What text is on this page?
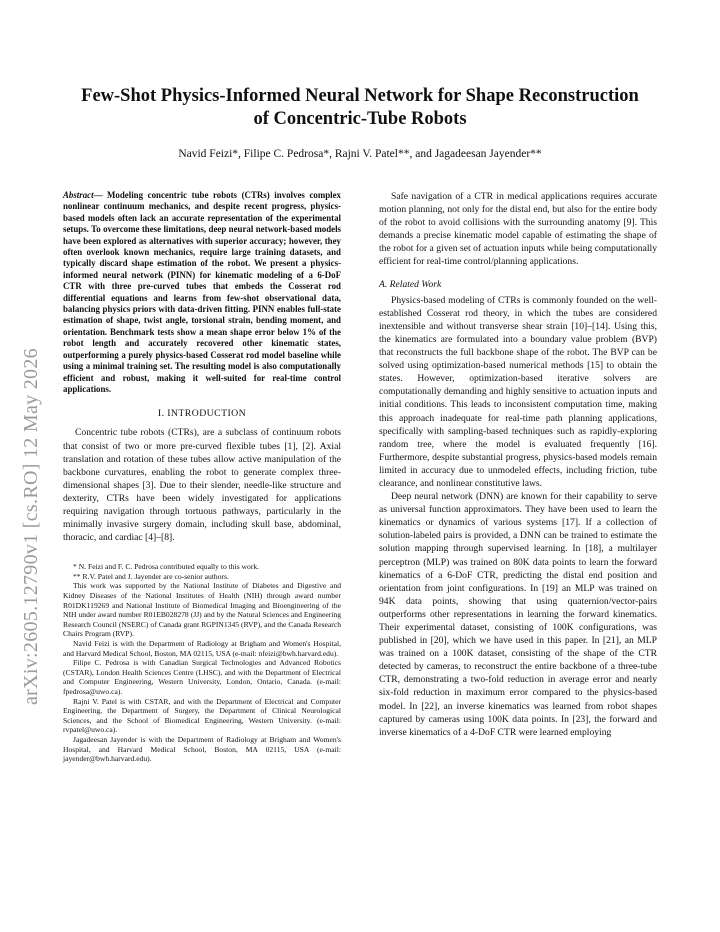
arXiv:2605.12790v1 [cs.RO] 12 May 2026
Few-Shot Physics-Informed Neural Network for Shape Reconstruction
of Concentric-Tube Robots
Navid Feizi*, Filipe C. Pedrosa*, Rajni V. Patel**, and Jagadeesan Jayender**
Abstract— Modeling concentric tube robots (CTRs) involves complex nonlinear continuum mechanics, and despite recent progress, physics-based models often lack an accurate representation of the experimental setups. To overcome these limitations, deep neural network-based models have been explored as alternatives with superior accuracy; however, they often overlook known mechanics, require large training datasets, and typically discard shape estimation of the robot. We present a physics-informed neural network (PINN) for kinematic modeling of a 6-DoF CTR with three pre-curved tubes that embeds the Cosserat rod differential equations and learns from few-shot observational data, balancing physics priors with data-driven fitting. PINN enables full-state estimation of shape, twist angle, torsional strain, bending moment, and orientation. Benchmark tests show a mean shape error below 1% of the robot length and accurately recovered other kinematic states, outperforming a purely physics-based Cosserat rod model baseline while using a minimal training set. The resulting model is also computationally efficient and robust, making it well-suited for real-time control applications.
I. INTRODUCTION

Concentric tube robots (CTRs), are a subclass of continuum robots that consist of two or more pre-curved flexible tubes [1], [2]. Axial translation and rotation of these tubes allow active manipulation of the backbone curvatures, enabling the robot to generate complex three-dimensional shapes [3]. Due to their slender, needle-like structure and dexterity, CTRs have been widely investigated for applications requiring navigation through tortuous pathways, particularly in the minimally invasive surgery domain, including skull base, abdominal, thoracic, and cardiac [4]–[8].

* N. Feizi and F. C. Pedrosa contributed equally to this work.

** R.V. Patel and J. Jayender are co-senior authors.

This work was supported by the National Institute of Diabetes and Digestive and Kidney Diseases of the National Institutes of Health (NIH) through award number R01DK119269 and National Institute of Biomedical Imaging and Bioengineering of the NIH under award number R01EB028278 (JJ) and by the Natural Sciences and Engineering Research Council (NSERC) of Canada grant RGPIN1345 (RVP), and the Canada Research Chairs Program (RVP).

Navid Feizi is with the Department of Radiology at Brigham and Women's Hospital, and Harvard Medical School, Boston, MA 02115, USA (e-mail: nfeizi@bwh.harvard.edu).

Filipe C. Pedrosa is with Canadian Surgical Technologies and Advanced Robotics (CSTAR), London Health Sciences Centre (LHSC), and with the Department of Electrical and Computer Engineering, Western University, London, Ontario, Canada. (e-mail: fpedrosa@uwo.ca).

Rajni V. Patel is with CSTAR, and with the Department of Electrical and Computer Engineering, the Department of Surgery, the Department of Clinical Neurological Sciences, and the School of Biomedical Engineering, Western University. (e-mail: rvpatel@uwo.ca).

Jagadeesan Jayender is with the Department of Radiology at Brigham and Women's Hospital, and Harvard Medical School, Boston, MA 02115, USA (e-mail: jayender@bwh.harvard.edu).

Safe navigation of a CTR in medical applications requires accurate motion planning, not only for the distal end, but also for the entire body of the robot to avoid collisions with the surrounding anatomy [9]. This demands a precise kinematic model capable of estimating the shape of the robot for a given set of actuation inputs while being computationally efficient for real-time control/planning applications.

A. Related Work

Physics-based modeling of CTRs is commonly founded on the well-established Cosserat rod theory, in which the tubes are considered inextensible and without transverse shear strain [10]–[14]. Using this, the kinematics are formulated into a boundary value problem (BVP) that reconstructs the full backbone shape of the robot. The BVP can be solved using optimization-based numerical methods [15] to obtain the states. However, optimization-based iterative solvers are computationally demanding and highly sensitive to actuation inputs and initial conditions. This leads to inconsistent computation time, making this approach inadequate for real-time path planning applications, specifically with sampling-based techniques such as rapidly-exploring random tree, where the model is evaluated frequently [16]. Furthermore, despite substantial progress, physics-based models remain limited in accuracy due to unmodeled effects, including friction, tube clearance, and nonlinear constitutive laws.

Deep neural network (DNN) are known for their capability to serve as universal function approximators. They have been used to learn the kinematics or dynamics of various systems [17]. If a collection of solution-labeled pairs is provided, a DNN can be trained to estimate the solution mapping through supervised learning. In [18], a multilayer perceptron (MLP) was trained on 80K data points to learn the forward kinematics of a 6-DoF CTR, predicting the distal end position and orientation from joint configurations. In [19] an MLP was trained on 94K data points, showing that using quaternion/vector-pairs outperforms other representations in learning the forward kinematics. Their experimental dataset, consisting of 100K configurations, was published in [20], which we have used in this paper. In [21], an MLP was trained on a 100K dataset, consisting of the shape of the CTR detected by cameras, to reconstruct the entire backbone of a three-tube CTR, demonstrating a two-fold reduction in average error and nearly six-fold reduction in maximum error compared to the physics-based model. In [22], an inverse kinematics was learned from robot shapes captured by cameras using 100K data points. In [23], the forward and inverse kinematics of a 4-DoF CTR were learned employing
